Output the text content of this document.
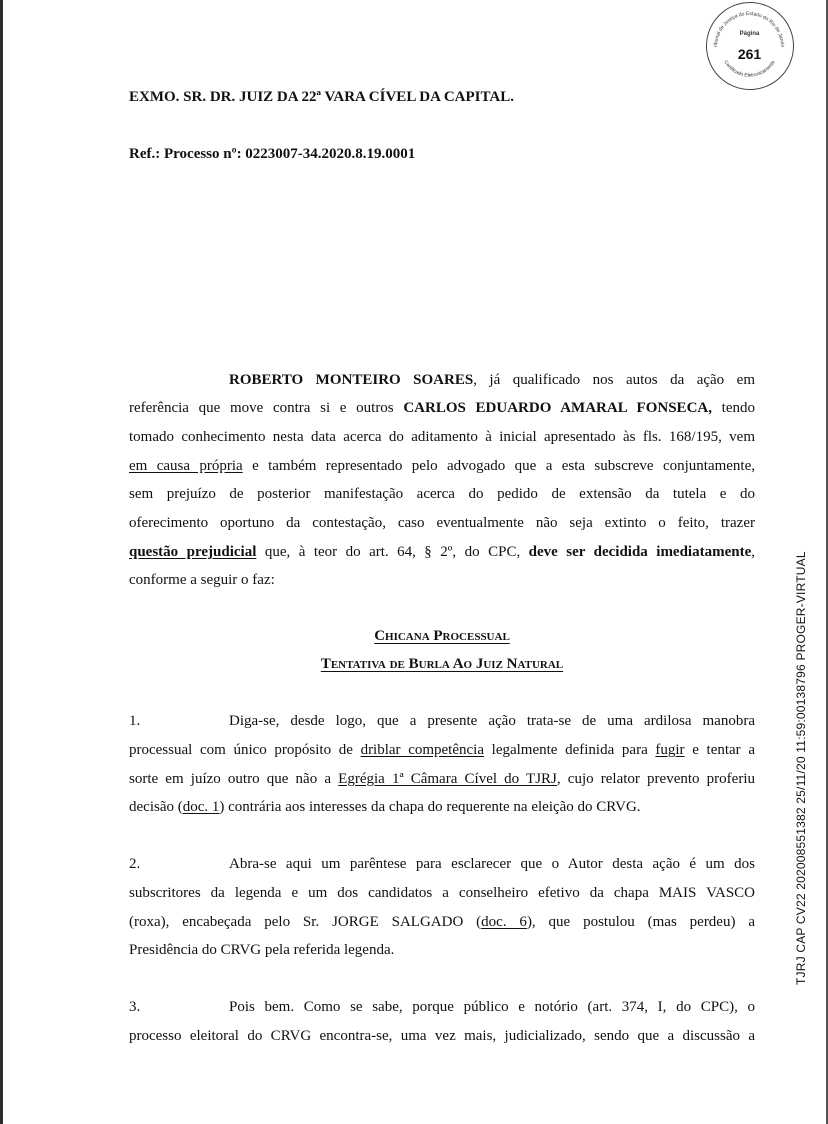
ribunal de Justiça do Estado do Rio de Janeir
Certificado Eletronicamente
Página
261
TJRJ CAP CV22 202008551382 25/11/20 11:59:00138796 PROGER-VIRTUAL
EXMO. SR. DR. JUIZ DA 22ª VARA CÍVEL DA CAPITAL.
Ref.: Processo nº: 0223007-34.2020.8.19.0001
ROBERTO MONTEIRO SOARES, já qualificado nos autos da ação em
referência que move contra si e outros CARLOS EDUARDO AMARAL FONSECA, tendo
tomado conhecimento nesta data acerca do aditamento à inicial apresentado às fls. 168/195, vem
em causa própria e também representado pelo advogado que a esta subscreve conjuntamente,
sem prejuízo de posterior manifestação acerca do pedido de extensão da tutela e do
oferecimento oportuno da contestação, caso eventualmente não seja extinto o feito, trazer
questão prejudicial que, à teor do art. 64, § 2º, do CPC, deve ser decidida imediatamente,
conforme a seguir o faz:
Chicana Processual
Tentativa de Burla Ao Juiz Natural
1.	Diga-se, desde logo, que a presente ação trata-se de uma ardilosa manobra
processual com único propósito de driblar competência legalmente definida para fugir e tentar a
sorte em juízo outro que não a Egrégia 1ª Câmara Cível do TJRJ, cujo relator prevento proferiu
decisão (doc. 1) contrária aos interesses da chapa do requerente na eleição do CRVG.
2.	Abra-se aqui um parêntese para esclarecer que o Autor desta ação é um dos
subscritores da legenda e um dos candidatos a conselheiro efetivo da chapa MAIS VASCO
(roxa), encabeçada pelo Sr. JORGE SALGADO (doc. 6), que postulou (mas perdeu) a
Presidência do CRVG pela referida legenda.
3.	Pois bem. Como se sabe, porque público e notório (art. 374, I, do CPC), o
processo eleitoral do CRVG encontra-se, uma vez mais, judicializado, sendo que a discussão a
